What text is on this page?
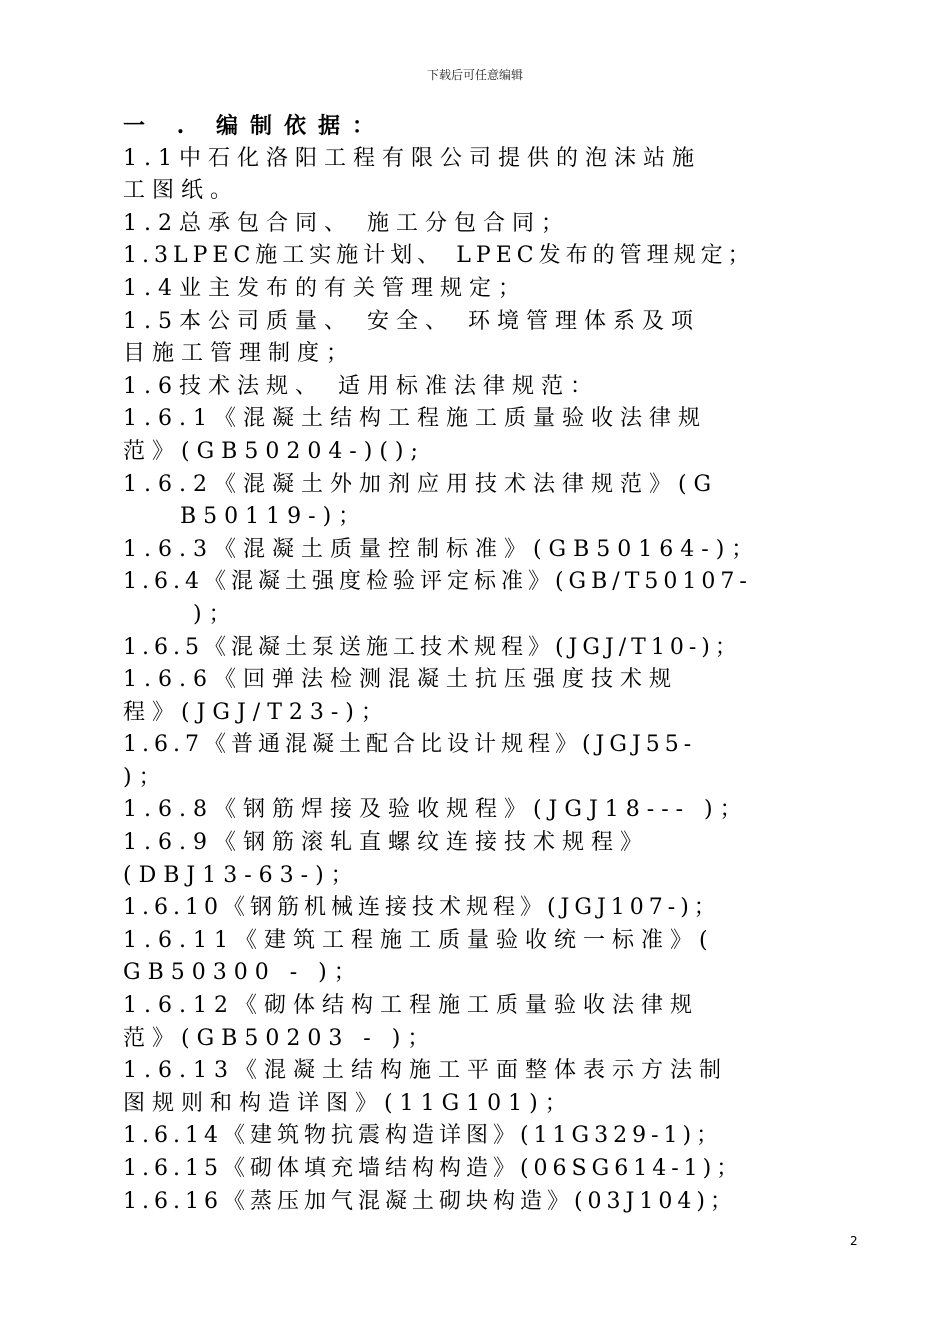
下载后可任意编辑
一 . 编制依据：
1.1中石化洛阳工程有限公司提供的泡沫站施
工图纸。
1.2总承包合同、 施工分包合同；
1.3LPEC施工实施计划、 LPEC发布的管理规定；
1.4业主发布的有关管理规定；
1.5本公司质量、 安全、 环境管理体系及项
目施工管理制度；
1.6技术法规、 适用标准法律规范：
1.6.1《混凝土结构工程施工质量验收法律规
范》(GB50204-)();
1.6.2《混凝土外加剂应用技术法律规范》(G
B50119-)；
1.6.3《混凝土质量控制标准》(GB50164-)；
1.6.4《混凝土强度检验评定标准》(GB/T50107-
)；
1.6.5《混凝土泵送施工技术规程》(JGJ/T10-)；
1.6.6《回弹法检测混凝土抗压强度技术规
程》(JGJ/T23-)；
1.6.7《普通混凝土配合比设计规程》(JGJ55-
)；
1.6.8《钢筋焊接及验收规程》(JGJ18--- )；
1.6.9《钢筋滚轧直螺纹连接技术规程》
(DBJ13-63-)；
1.6.10《钢筋机械连接技术规程》(JGJ107-)；
1.6.11《建筑工程施工质量验收统一标准》(
GB50300 - )；
1.6.12《砌体结构工程施工质量验收法律规
范》(GB50203 - )；
1.6.13《混凝土结构施工平面整体表示方法制
图规则和构造详图》(11G101)；
1.6.14《建筑物抗震构造详图》(11G329-1)；
1.6.15《砌体填充墙结构构造》(06SG614-1)；
1.6.16《蒸压加气混凝土砌块构造》(03J104)；
2
